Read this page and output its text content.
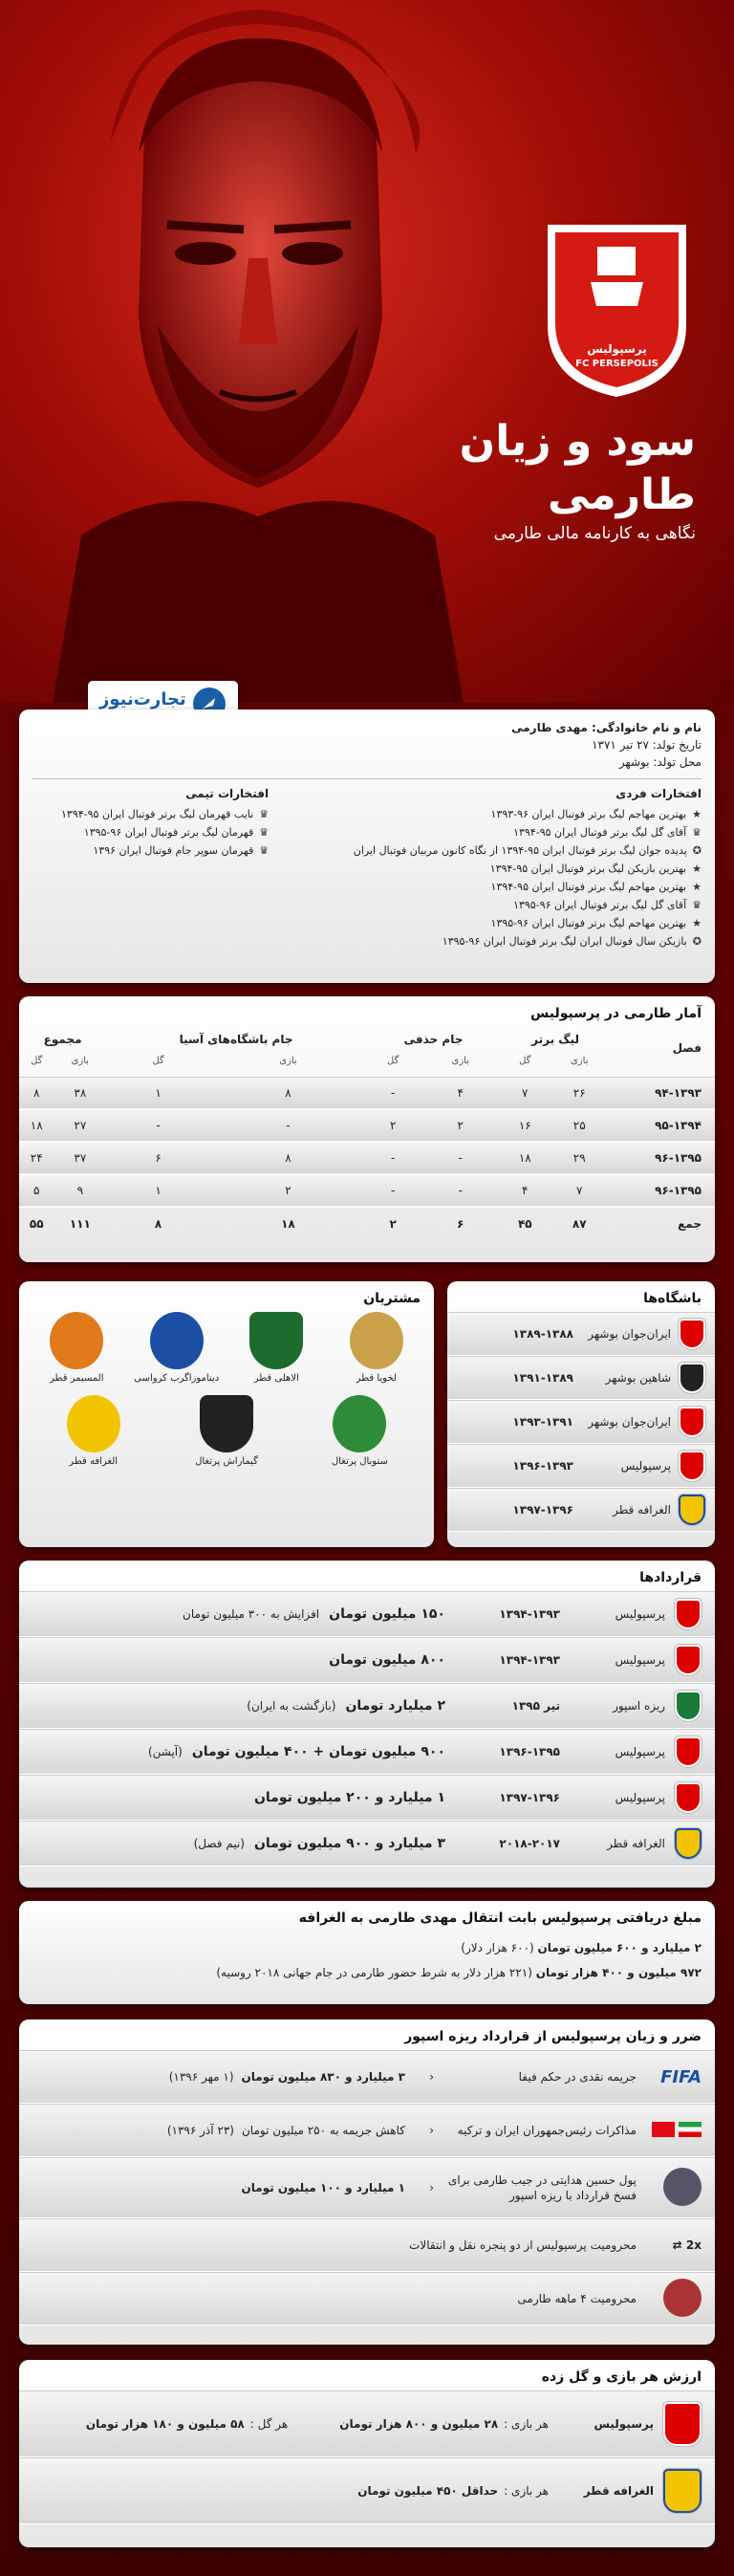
پرسپولیس
FC PERSEPOLIS
سود و زیان
طارمی
نگاهی به کارنامه مالی طارمی
تجارت‌نیوز
نام و نام خانوادگی: مهدی طارمی
تاریخ تولد: ۲۷ تیر ۱۳۷۱
محل تولد: بوشهر
افتخارات فردی
★بهترین مهاجم لیگ برتر فوتبال ایران ۹۶-۱۳۹۳
♛آقای گل لیگ برتر فوتبال ایران ۹۵-۱۳۹۴
✪پدیده جوان لیگ برتر فوتبال ایران ۹۵-۱۳۹۴ از نگاه کانون مربیان فوتبال ایران
★بهترین بازیکن لیگ برتر فوتبال ایران ۹۵-۱۳۹۴
★بهترین مهاجم لیگ برتر فوتبال ایران ۹۵-۱۳۹۴
♛آقای گل لیگ برتر فوتبال ایران ۹۶-۱۳۹۵
★بهترین مهاجم لیگ برتر فوتبال ایران ۹۶-۱۳۹۵
✪بازیکن سال فوتبال ایران لیگ برتر فوتبال ایران ۹۶-۱۳۹۵
افتخارات تیمی
♛نایب قهرمان لیگ برتر فوتبال ایران ۹۵-۱۳۹۴
♛قهرمان لیگ برتر فوتبال ایران ۹۶-۱۳۹۵
♛قهرمان سوپر جام فوتبال ایران ۱۳۹۶
آمار طارمی در پرسپولیس
فصل	لیگ برتر		جام حذفی		جام باشگاه‌های آسیا		مجموع	
	بازی	گل	بازی	گل	بازی	گل	بازی	گل

۹۴-۱۳۹۳	۲۶	۷	۴	-	۸	۱	۳۸	۸
۹۵-۱۳۹۴	۲۵	۱۶	۲	۲	-	-	۲۷	۱۸
۹۶-۱۳۹۵	۲۹	۱۸	-	-	۸	۶	۳۷	۲۴
۹۶-۱۳۹۵	۷	۴	-	-	۲	۱	۹	۵
جمع	۸۷	۴۵	۶	۲	۱۸	۸	۱۱۱	۵۵
باشگاه‌ها
ایران‌جوان بوشهر
۱۳۸۹-۱۳۸۸
شاهین بوشهر
۱۳۹۱-۱۳۸۹
ایران‌جوان بوشهر
۱۳۹۳-۱۳۹۱
پرسپولیس
۱۳۹۶-۱۳۹۳
الغرافه قطر
۱۳۹۷-۱۳۹۶
مشتریان
لخویا قطر
الاهلی قطر
دیناموزاگرب کرواسی
المسیمر قطر
ستوبال پرتغال
گیماراش پرتغال
الغرافه قطر
قراردادها
پرسپولیس
۱۳۹۴-۱۳۹۳
۱۵۰ میلیون تومان
افزایش به ۳۰۰ میلیون تومان
پرسپولیس
۱۳۹۴-۱۳۹۳
۸۰۰ میلیون تومان
ریزه اسپور
تیر ۱۳۹۵
۲ میلیارد تومان
(بازگشت به ایران)
پرسپولیس
۱۳۹۶-۱۳۹۵
۹۰۰ میلیون تومان + ۴۰۰ میلیون تومان
(آپشن)
پرسپولیس
۱۳۹۷-۱۳۹۶
۱ میلیارد و ۲۰۰ میلیون تومان
الغرافه قطر
۲۰۱۸-۲۰۱۷
۳ میلیارد و ۹۰۰ میلیون تومان
(نیم فصل)
مبلغ دریافتی پرسپولیس بابت انتقال مهدی طارمی به الغرافه
۲ میلیارد و ۶۰۰ میلیون تومان (۶۰۰ هزار دلار)
۹۷۲ میلیون و ۴۰۰ هزار تومان (۲۲۱ هزار دلار به شرط حضور طارمی در جام جهانی ۲۰۱۸ روسیه)
ضرر و زیان پرسپولیس از قرارداد ریزه اسپور
FIFA
جریمه نقدی در حکم فیفا
‹
۳ میلیارد و ۸۳۰ میلیون تومان
(۱ مهر ۱۳۹۶)

مذاکرات رئیس‌جمهوران ایران و ترکیه
‹
کاهش جریمه به ۲۵۰ میلیون تومان
(۲۳ آذر ۱۳۹۶)
پول حسین هدایتی در جیب طارمی برای فسخ قرارداد با ریزه اسپور
‹
۱ میلیارد و ۱۰۰ میلیون تومان
2x ⇄
محرومیت پرسپولیس از دو پنجره نقل و انتقالات
محرومیت ۴ ماهه طارمی
ارزش هر بازی و گل زده
پرسپولیس
هر بازی :
۲۸ میلیون و ۸۰۰ هزار تومان
هر گل :
۵۸ میلیون و ۱۸۰ هزار تومان
الغرافه قطر
هر بازی :
حداقل ۴۵۰ میلیون تومان
